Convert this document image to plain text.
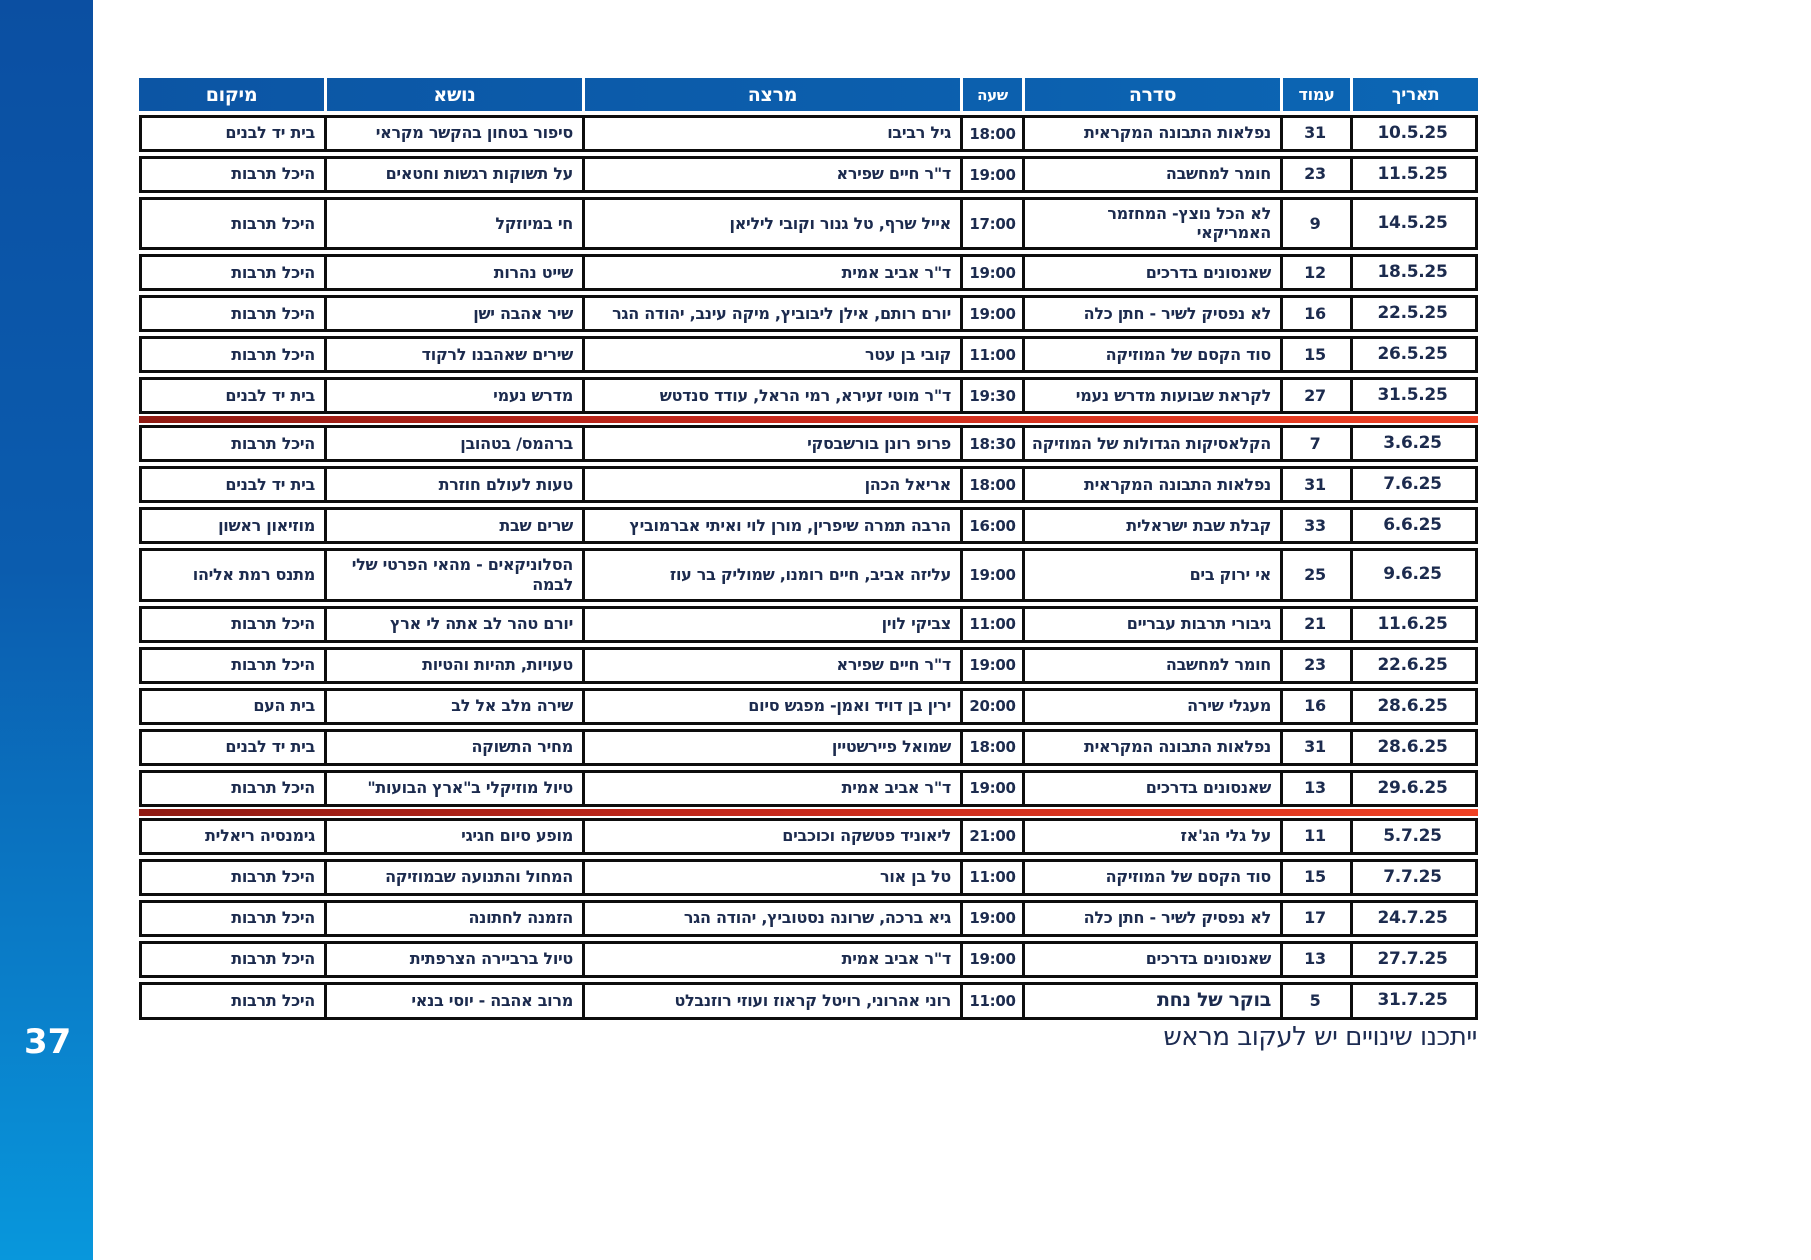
37
תאריך
עמוד
סדרה
שעה
מרצה
נושא
מיקום
10.5.25
31
נפלאות התבונה המקראית
18:00
גיל רביבו
סיפור בטחון בהקשר מקראי
בית יד לבנים
11.5.25
23
חומר למחשבה
19:00
ד"ר חיים שפירא
על תשוקות רגשות וחטאים
היכל תרבות
14.5.25
9
לא הכל נוצץ- המחזמר האמריקאי
17:00
אייל שרף, טל גנור וקובי ליליאן
חי במיוזקל
היכל תרבות
18.5.25
12
שאנסונים בדרכים
19:00
ד"ר אביב אמית
שייט נהרות
היכל תרבות
22.5.25
16
לא נפסיק לשיר - חתן כלה
19:00
יורם רותם, אילן ליבוביץ, מיקה עינב, יהודה הגר
שיר אהבה ישן
היכל תרבות
26.5.25
15
סוד הקסם של המוזיקה
11:00
קובי בן עטר
שירים שאהבנו לרקוד
היכל תרבות
31.5.25
27
לקראת שבועות מדרש נעמי
19:30
ד"ר מוטי זעירא, רמי הראל, עודד סנדטש
מדרש נעמי
בית יד לבנים
3.6.25
7
הקלאסיקות הגדולות של המוזיקה
18:30
פרופ רונן בורשבסקי
ברהמס/ בטהובן
היכל תרבות
7.6.25
31
נפלאות התבונה המקראית
18:00
אריאל הכהן
טעות לעולם חוזרת
בית יד לבנים
6.6.25
33
קבלת שבת ישראלית
16:00
הרבה תמרה שיפרין, מורן לוי ואיתי אברמוביץ
שרים שבת
מוזיאון ראשון
9.6.25
25
אי ירוק בים
19:00
עליזה אביב, חיים רומנו, שמוליק בר עוז
הסלוניקאים - מהאי הפרטי שלי לבמה
מתנס רמת אליהו
11.6.25
21
גיבורי תרבות עבריים
11:00
צביקי לוין
יורם טהר לב אתה לי ארץ
היכל תרבות
22.6.25
23
חומר למחשבה
19:00
ד"ר חיים שפירא
טעויות, תהיות והטיות
היכל תרבות
28.6.25
16
מעגלי שירה
20:00
ירין בן דויד ואמן- מפגש סיום
שירה מלב אל לב
בית העם
28.6.25
31
נפלאות התבונה המקראית
18:00
שמואל פיירשטיין
מחיר התשוקה
בית יד לבנים
29.6.25
13
שאנסונים בדרכים
19:00
ד"ר אביב אמית
טיול מוזיקלי ב"ארץ הבועות"
היכל תרבות
5.7.25
11
על גלי הג'אז
21:00
ליאוניד פטשקה וכוכבים
מופע סיום חגיגי
גימנסיה ריאלית
7.7.25
15
סוד הקסם של המוזיקה
11:00
טל בן אור
המחול והתנועה שבמוזיקה
היכל תרבות
24.7.25
17
לא נפסיק לשיר - חתן כלה
19:00
גיא ברכה, שרונה נסטוביץ, יהודה הגר
הזמנה לחתונה
היכל תרבות
27.7.25
13
שאנסונים בדרכים
19:00
ד"ר אביב אמית
טיול ברביירה הצרפתית
היכל תרבות
31.7.25
5
בוקר של נחת
11:00
רוני אהרוני, רויטל קראוז ועוזי רוזנבלט
מרוב אהבה - יוסי בנאי
היכל תרבות
ייתכנו שינויים יש לעקוב מראש
